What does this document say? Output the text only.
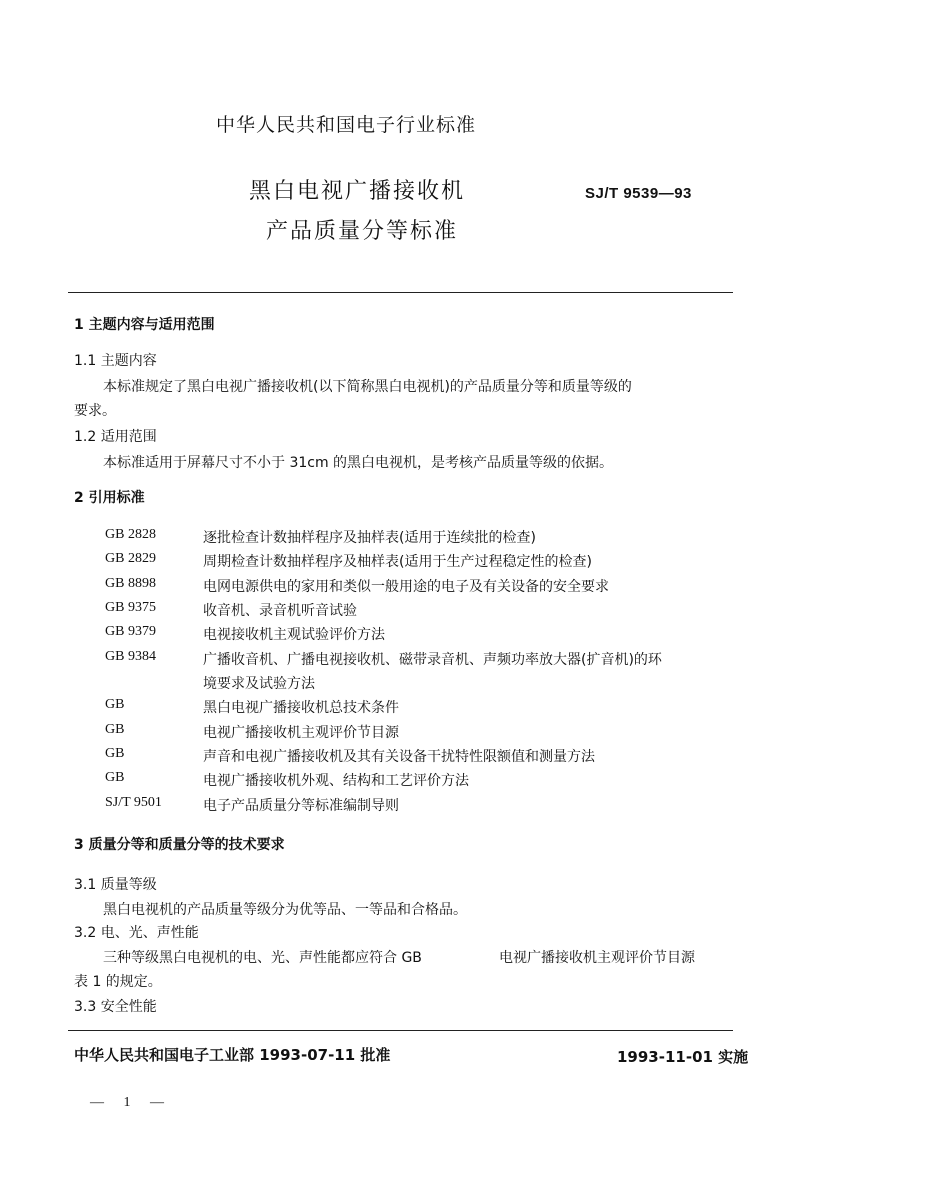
中华人民共和国电子行业标准
黑白电视广播接收机
产品质量分等标准
SJ/T 9539—93
1 主题内容与适用范围
1.1 主题内容
本标准规定了黑白电视广播接收机(以下简称黑白电视机)的产品质量分等和质量等级的
要求。
1.2 适用范围
本标准适用于屏幕尺寸不小于 31cm 的黑白电视机，是考核产品质量等级的依据。
2 引用标准
GB 2828	逐批检查计数抽样程序及抽样表(适用于连续批的检查)
GB 2829	周期检查计数抽样程序及柚样表(适用于生产过程稳定性的检查)
GB 8898	电网电源供电的家用和类似一般用途的电子及有关设备的安全要求
GB 9375	收音机、录音机听音试验
GB 9379	电视接收机主观试验评价方法
GB 9384	广播收音机、广播电视接收机、磁带录音机、声频功率放大器(扩音机)的环
境要求及试验方法
GB	黑白电视广播接收机总技术条件
GB	电视广播接收机主观评价节目源
GB	声音和电视广播接收机及其有关设备干扰特性限额值和测量方法
GB	电视广播接收机外观、结构和工艺评价方法
SJ/T 9501	电子产品质量分等标准编制导则
3 质量分等和质量分等的技术要求
3.1 质量等级
黑白电视机的产品质量等级分为优等品、一等品和合格品。
3.2 电、光、声性能
三种等级黑白电视机的电、光、声性能都应符合 GB	电视广播接收机主观评价节目源
表 1 的规定。
3.3 安全性能
中华人民共和国电子工业部 1993-07-11 批准	1993-11-01 实施
— 1 —
